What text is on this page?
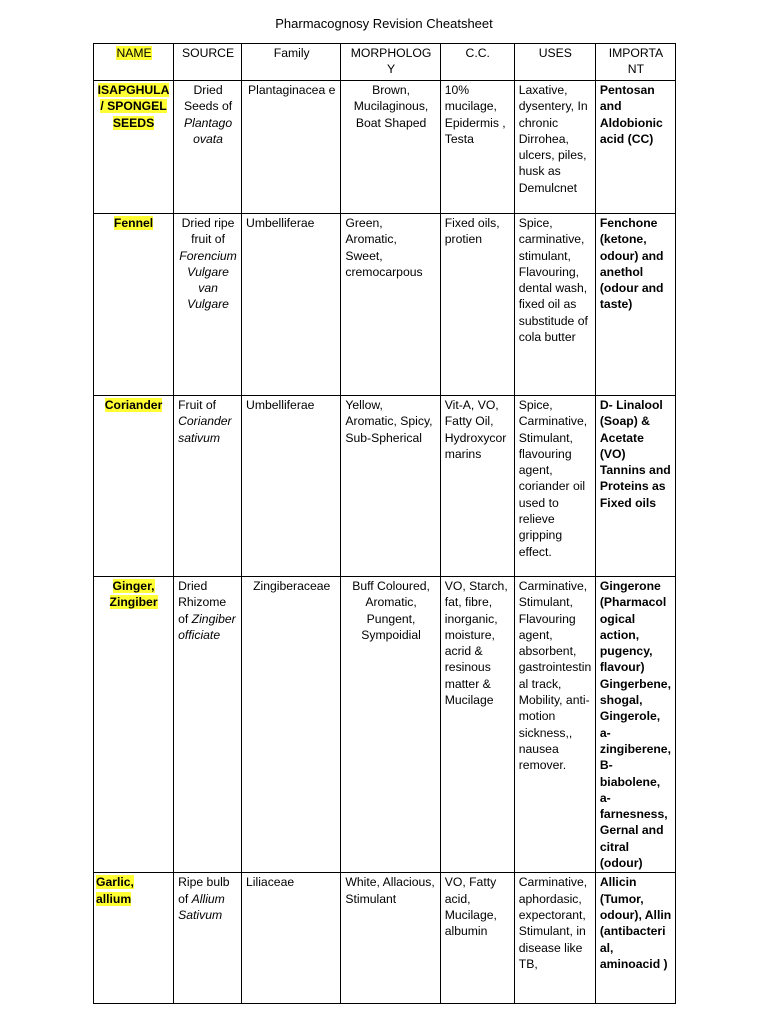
Pharmacognosy Revision Cheatsheet
NAME	SOURCE	Family	MORPHOLOG Y	C.C.	USES	IMPORTA NT
ISAPGHULA / SPONGEL SEEDS	Dried Seeds of Plantago ovata	Plantaginacea e	Brown, Mucilaginous, Boat Shaped	10% mucilage, Epidermis , Testa	Laxative, dysentery, In chronic Dirrohea, ulcers, piles, husk as Demulcnet	Pentosan and Aldobionic acid (CC)
Fennel	Dried ripe fruit of Forencium Vulgare van Vulgare	Umbelliferae	Green, Aromatic, Sweet, cremocarpous	Fixed oils, protien	Spice, carminative, stimulant, Flavouring, dental wash, fixed oil as substitude of cola butter	Fenchone (ketone, odour) and anethol (odour and taste)
Coriander	Fruit of Coriander sativum	Umbelliferae	Yellow, Aromatic, Spicy, Sub-Spherical	Vit-A, VO, Fatty Oil, Hydroxycormarins	Spice, Carminative, Stimulant, flavouring agent, coriander oil used to relieve gripping effect.	D- Linalool (Soap) & Acetate (VO) Tannins and Proteins as Fixed oils
Ginger, Zingiber	Dried Rhizome of Zingiber officiate	Zingiberaceae	Buff Coloured, Aromatic, Pungent, Sympoidial	VO, Starch, fat, fibre, inorganic, moisture, acrid & resinous matter & Mucilage	Carminative, Stimulant, Flavouring agent, absorbent, gastrointestinal track, Mobility, anti-motion sickness,, nausea remover.	Gingerone (Pharmacological action, pugency, flavour) Gingerbene, shogal, Gingerole, a-zingiberene, B-biabolene, a-farnesness, Gernal and citral (odour)
Garlic, allium	Ripe bulb of Allium Sativum	Liliaceae	White, Allacious, Stimulant	VO, Fatty acid, Mucilage, albumin	Carminative, aphordasic, expectorant, Stimulant, in disease like TB,	Allicin (Tumor, odour), Allin (antibacterial, aminoacid )
